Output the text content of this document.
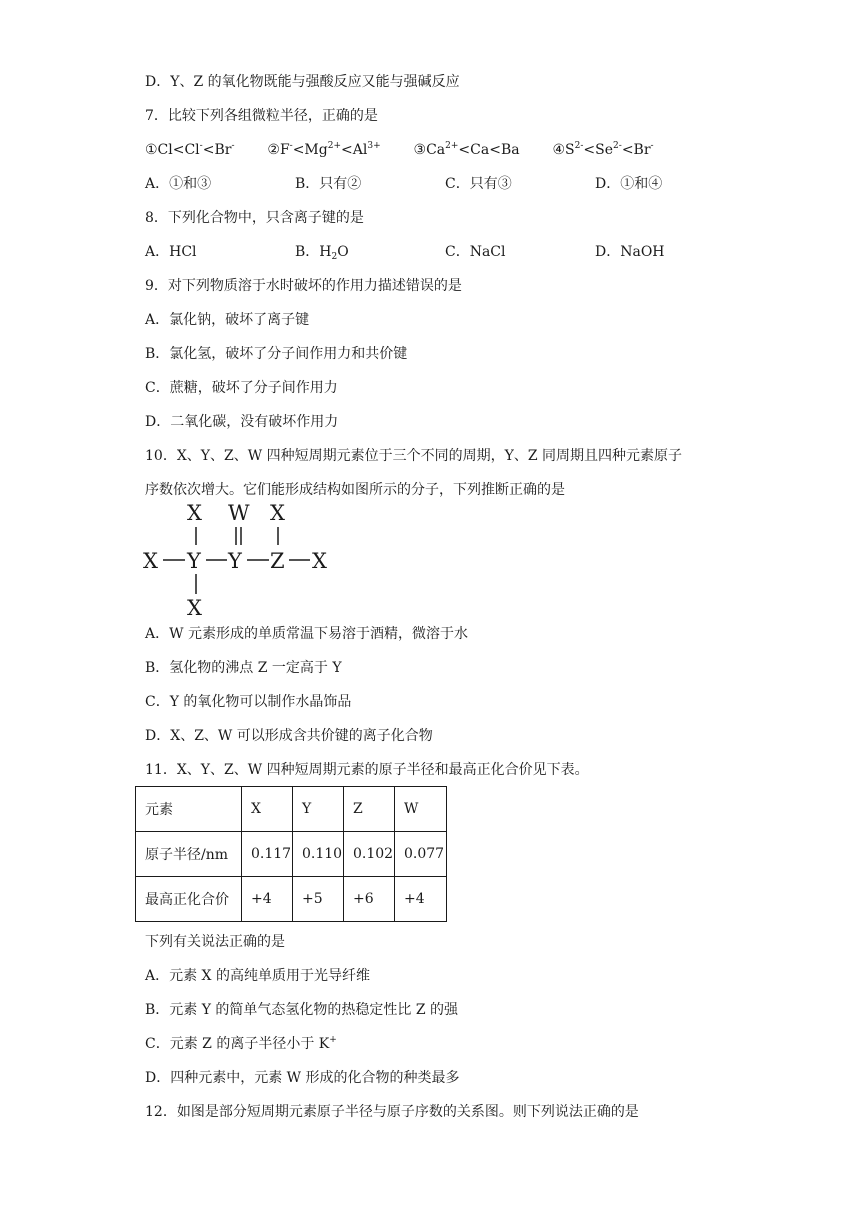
D．Y、Z 的氧化物既能与强酸反应又能与强碱反应
7．比较下列各组微粒半径，正确的是
①Cl<Cl-<Br- $②F^-<Mg^{2+}<Al^{3+}$ $③Ca^{2+}<Ca<Ba$ $④S^{2-}<Se^{2-}<Br^-$
A．①和③	B．只有②	C．只有③	D．①和④
8．下列化合物中，只含离子键的是
A．HCl	B．$H_2O$	C．NaCl	D．NaOH
9．对下列物质溶于水时破坏的作用力描述错误的是
A．氯化钠，破坏了离子键
B．氯化氢，破坏了分子间作用力和共价键
C．蔗糖，破坏了分子间作用力
D．二氧化碳，没有破坏作用力
10．X、Y、Z、W 四种短周期元素位于三个不同的周期，Y、Z 同周期且四种元素原子
序数依次增大。它们能形成结构如图所示的分子，下列推断正确的是
X W X
X Y Y Z X
X
A．W 元素形成的单质常温下易溶于酒精，微溶于水
B．氢化物的沸点 Z 一定高于 Y
C．Y 的氧化物可以制作水晶饰品
D．X、Z、W 可以形成含共价键的离子化合物
11．X、Y、Z、W 四种短周期元素的原子半径和最高正化合价见下表。
元素	X	Y	Z	W
原子半径/nm	0.117	0.110	0.102	0.077
最高正化合价	+4	+5	+6	+4
下列有关说法正确的是
A．元素 X 的高纯单质用于光导纤维
B．元素 Y 的简单气态氢化物的热稳定性比 Z 的强
C．元素 Z 的离子半径小于 K+
D．四种元素中，元素 W 形成的化合物的种类最多
12．如图是部分短周期元素原子半径与原子序数的关系图。则下列说法正确的是
